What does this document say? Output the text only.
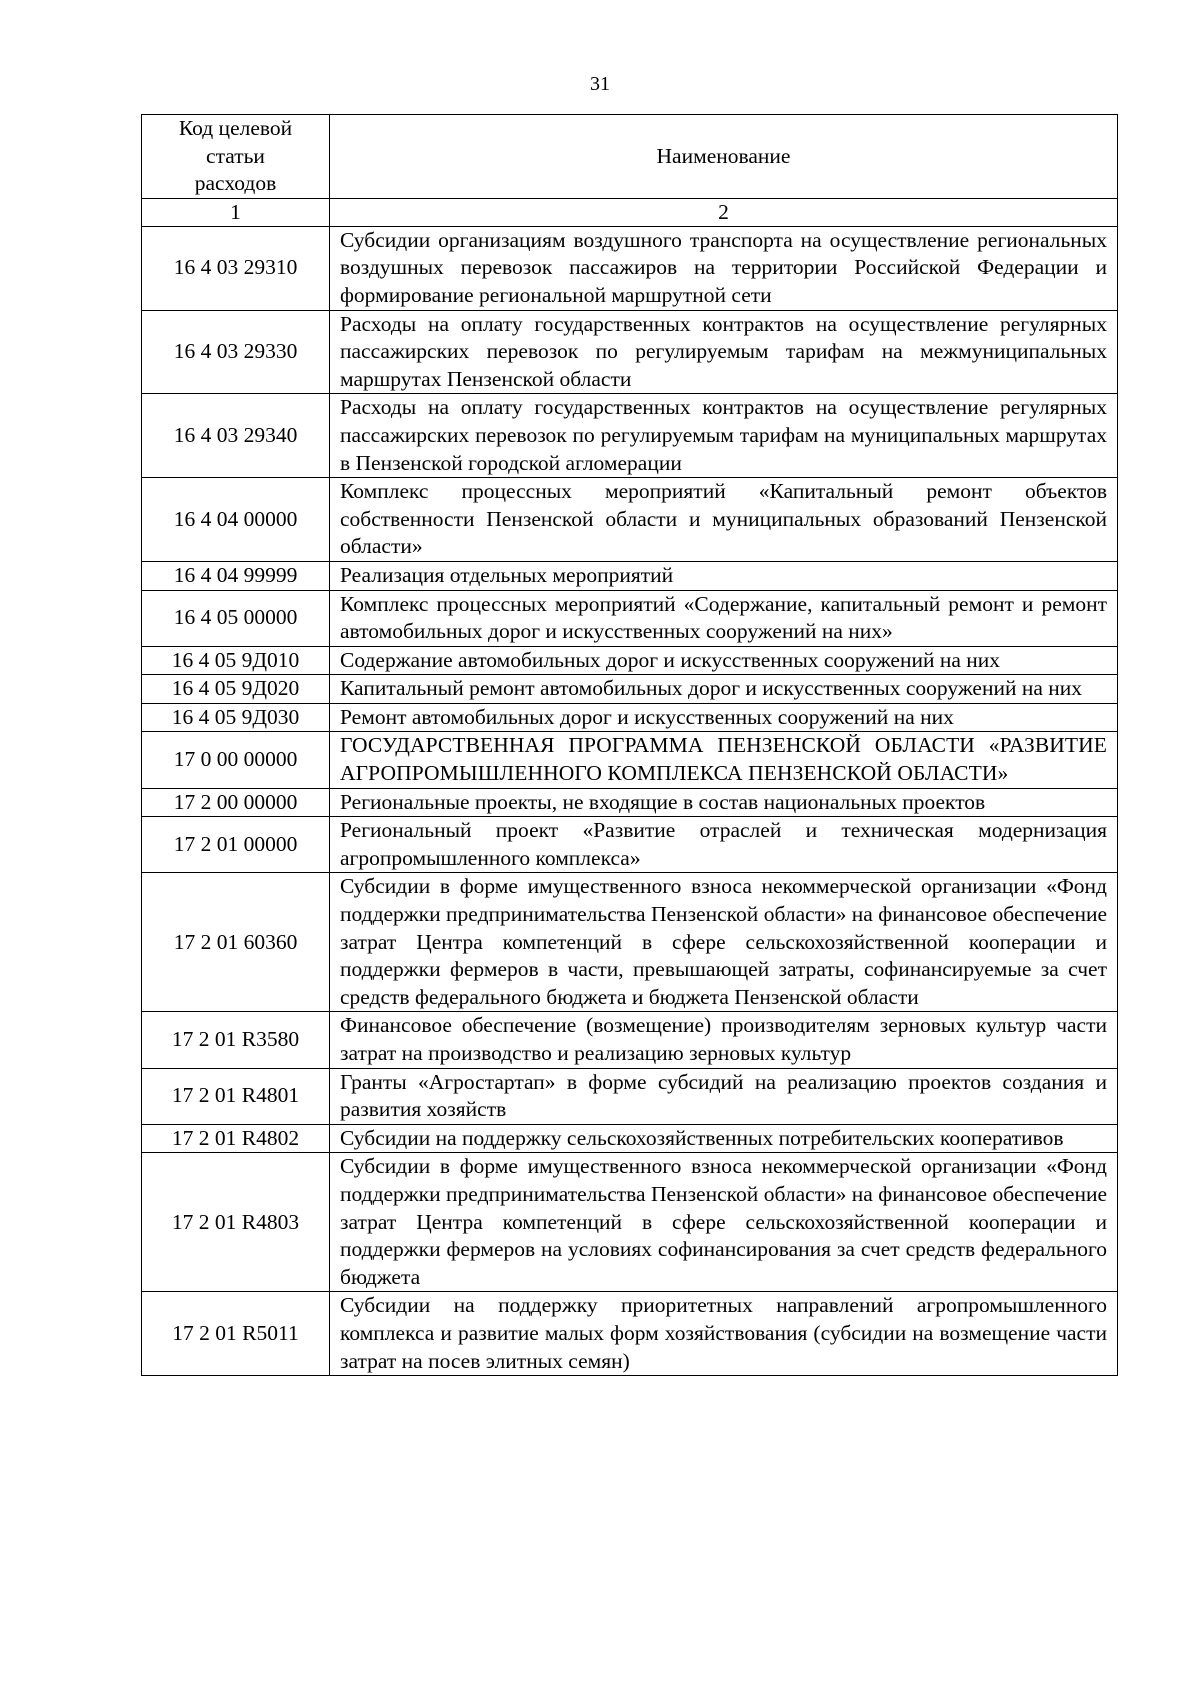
31
Код целевой статьи расходов	Наименование
1	2
16 4 03 29310	Субсидии организациям воздушного транспорта на осуществление региональных воздушных перевозок пассажиров на территории Российской Федерации и формирование региональной маршрутной сети
16 4 03 29330	Расходы на оплату государственных контрактов на осуществление регулярных пассажирских перевозок по регулируемым тарифам на межмуниципальных маршрутах Пензенской области
16 4 03 29340	Расходы на оплату государственных контрактов на осуществление регулярных пассажирских перевозок по регулируемым тарифам на муниципальных маршрутах в Пензенской городской агломерации
16 4 04 00000	Комплекс процессных мероприятий «Капитальный ремонт объектов собственности Пензенской области и муниципальных образований Пензенской области»
16 4 04 99999	Реализация отдельных мероприятий
16 4 05 00000	Комплекс процессных мероприятий «Содержание, капитальный ремонт и ремонт автомобильных дорог и искусственных сооружений на них»
16 4 05 9Д010	Содержание автомобильных дорог и искусственных сооружений на них
16 4 05 9Д020	Капитальный ремонт автомобильных дорог и искусственных сооружений на них
16 4 05 9Д030	Ремонт автомобильных дорог и искусственных сооружений на них
17 0 00 00000	ГОСУДАРСТВЕННАЯ ПРОГРАММА ПЕНЗЕНСКОЙ ОБЛАСТИ «РАЗВИТИЕ АГРОПРОМЫШЛЕННОГО КОМПЛЕКСА ПЕНЗЕНСКОЙ ОБЛАСТИ»
17 2 00 00000	Региональные проекты, не входящие в состав национальных проектов
17 2 01 00000	Региональный проект «Развитие отраслей и техническая модернизация агропромышленного комплекса»
17 2 01 60360	Субсидии в форме имущественного взноса некоммерческой организации «Фонд поддержки предпринимательства Пензенской области» на финансовое обеспечение затрат Центра компетенций в сфере сельскохозяйственной кооперации и поддержки фермеров в части, превышающей затраты, софинансируемые за счет средств федерального бюджета и бюджета Пензенской области
17 2 01 R3580	Финансовое обеспечение (возмещение) производителям зерновых культур части затрат на производство и реализацию зерновых культур
17 2 01 R4801	Гранты «Агростартап» в форме субсидий на реализацию проектов создания и развития хозяйств
17 2 01 R4802	Субсидии на поддержку сельскохозяйственных потребительских кооперативов
17 2 01 R4803	Субсидии в форме имущественного взноса некоммерческой организации «Фонд поддержки предпринимательства Пензенской области» на финансовое обеспечение затрат Центра компетенций в сфере сельскохозяйственной кооперации и поддержки фермеров на условиях софинансирования за счет средств федерального бюджета
17 2 01 R5011	Субсидии на поддержку приоритетных направлений агропромышленного комплекса и развитие малых форм хозяйствования (субсидии на возмещение части затрат на посев элитных семян)
